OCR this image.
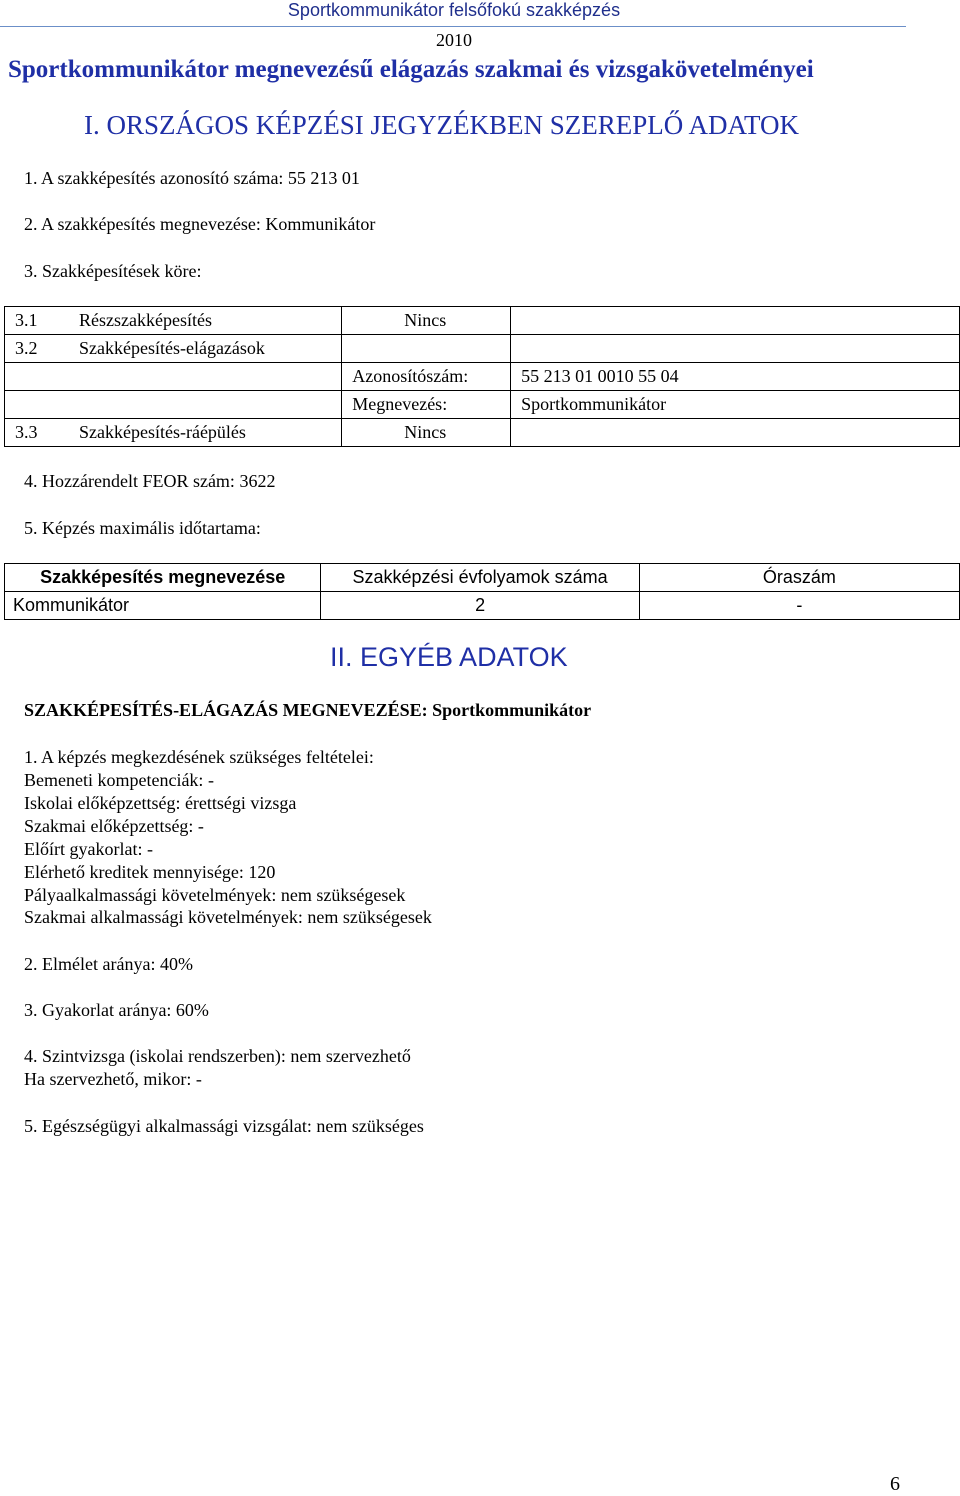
Sportkommunikátor felsőfokú szakképzés
2010
Sportkommunikátor megnevezésű elágazás szakmai és vizsgakövetelményei
I. ORSZÁGOS KÉPZÉSI JEGYZÉKBEN SZEREPLŐ ADATOK
1. A szakképesítés azonosító száma: 55 213 01
2. A szakképesítés megnevezése: Kommunikátor
3. Szakképesítések köre:
3.1 Részszakképesítés	Nincs	
3.2 Szakképesítés-elágazások		
	Azonosítószám:	55 213 01 0010 55 04
	Megnevezés:	Sportkommunikátor
3.3 Szakképesítés-ráépülés	Nincs	
4. Hozzárendelt FEOR szám: 3622
5. Képzés maximális időtartama:
Szakképesítés megnevezése	Szakképzési évfolyamok száma	Óraszám
Kommunikátor	2	-
II. EGYÉB ADATOK
SZAKKÉPESÍTÉS-ELÁGAZÁS MEGNEVEZÉSE: Sportkommunikátor
1. A képzés megkezdésének szükséges feltételei:
Bemeneti kompetenciák: -
Iskolai előképzettség: érettségi vizsga
Szakmai előképzettség: -
Előírt gyakorlat: -
Elérhető kreditek mennyisége: 120
Pályaalkalmassági követelmények: nem szükségesek
Szakmai alkalmassági követelmények: nem szükségesek
2. Elmélet aránya: 40%
3. Gyakorlat aránya: 60%
4. Szintvizsga (iskolai rendszerben): nem szervezhető
Ha szervezhető, mikor: -
5. Egészségügyi alkalmassági vizsgálat: nem szükséges
6
